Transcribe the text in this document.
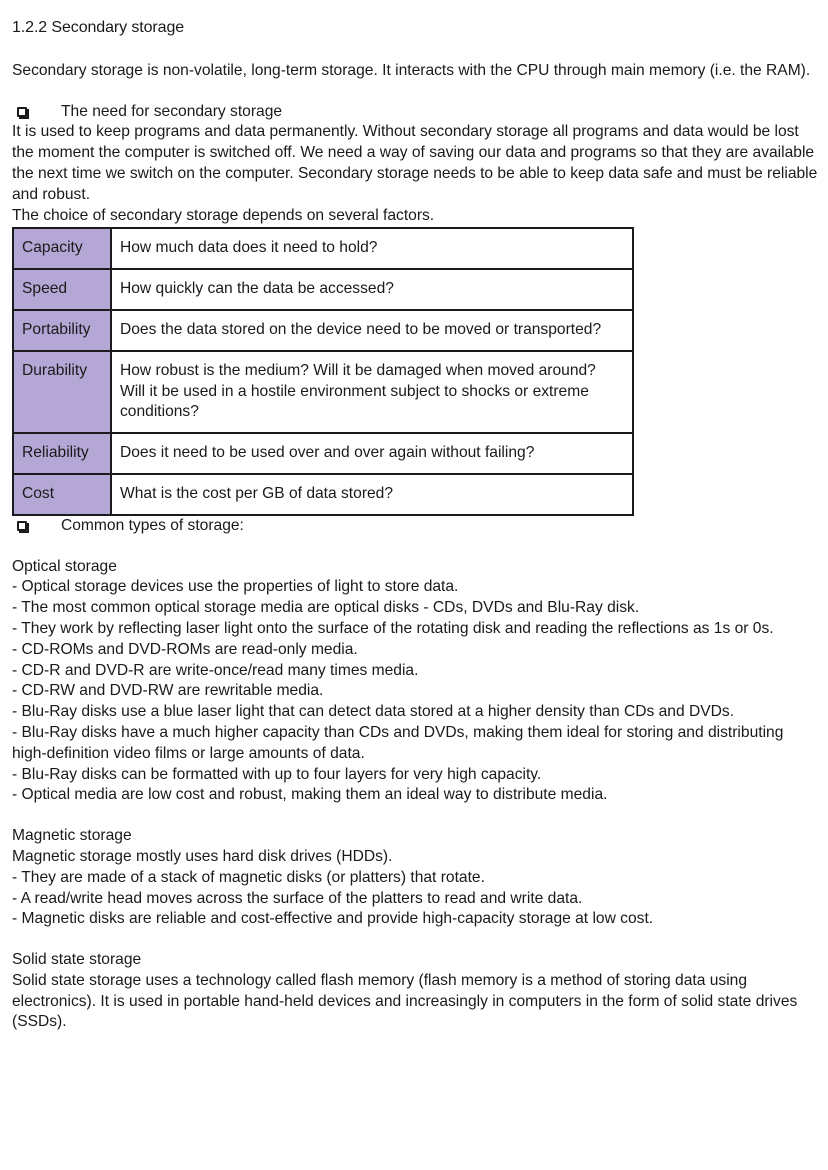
1.2.2 Secondary storage

Secondary storage is non-volatile, long-term storage. It interacts with the CPU through main memory (i.e. the RAM).

The need for secondary storage

It is used to keep programs and data permanently. Without secondary storage all programs and data would be lost the moment the computer is switched off. We need a way of saving our data and programs so that they are available the next time we switch on the computer. Secondary storage needs to be able to keep data safe and must be reliable and robust.

The choice of secondary storage depends on several factors.

Capacity	How much data does it need to hold?
Speed	How quickly can the data be accessed?
Portability	Does the data stored on the device need to be moved or transported?
Durability	How robust is the medium? Will it be damaged when moved around? Will it be used in a hostile environment subject to shocks or extreme conditions?
Reliability	Does it need to be used over and over again without failing?
Cost	What is the cost per GB of data stored?
Common types of storage:

Optical storage

- Optical storage devices use the properties of light to store data.

- The most common optical storage media are optical disks - CDs, DVDs and Blu-Ray disk.

- They work by reflecting laser light onto the surface of the rotating disk and reading the reflections as 1s or 0s.

- CD-ROMs and DVD-ROMs are read-only media.

- CD-R and DVD-R are write-once/read many times media.

- CD-RW and DVD-RW are rewritable media.

- Blu-Ray disks use a blue laser light that can detect data stored at a higher density than CDs and DVDs.

- Blu-Ray disks have a much higher capacity than CDs and DVDs, making them ideal for storing and distributing high-definition video films or large amounts of data.

- Blu-Ray disks can be formatted with up to four layers for very high capacity.

- Optical media are low cost and robust, making them an ideal way to distribute media.

Magnetic storage

Magnetic storage mostly uses hard disk drives (HDDs).

- They are made of a stack of magnetic disks (or platters) that rotate.

- A read/write head moves across the surface of the platters to read and write data.

- Magnetic disks are reliable and cost-effective and provide high-capacity storage at low cost.

Solid state storage

Solid state storage uses a technology called flash memory (flash memory is a method of storing data using electronics). It is used in portable hand-held devices and increasingly in computers in the form of solid state drives (SSDs).
